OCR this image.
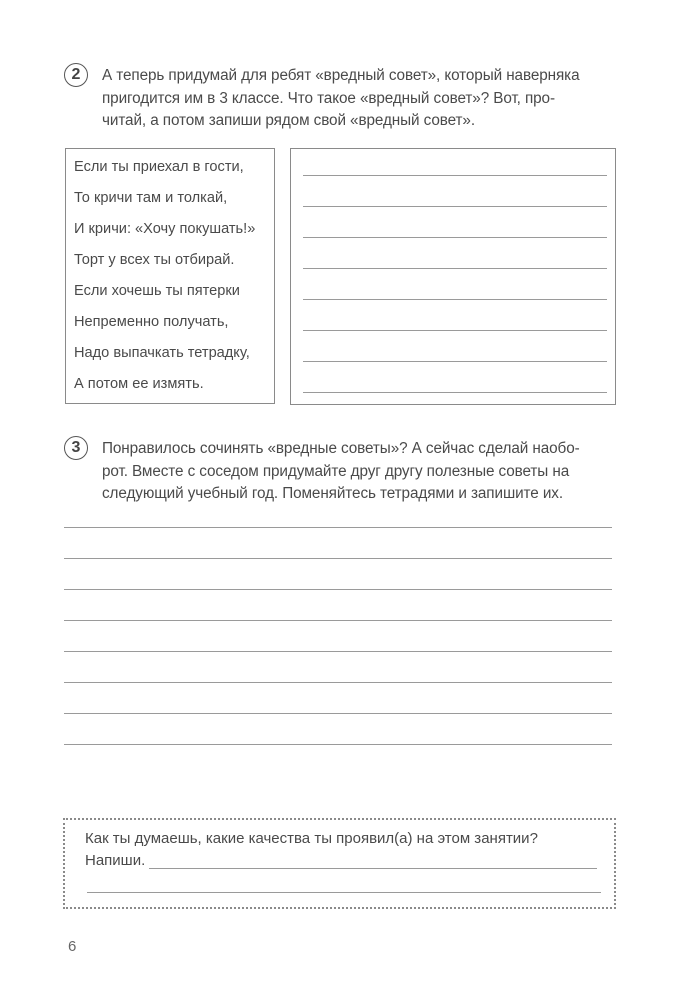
2	А теперь придумай для ребят «вредный совет», который наверняка
пригодится им в 3 классе. Что такое «вредный совет»? Вот, про-
читай, а потом запиши рядом свой «вредный совет».
Если ты приехал в гости,
То кричи там и толкай,
И кричи: «Хочу покушать!»
Торт у всех ты отбирай.
Если хочешь ты пятерки
Непременно получать,
Надо выпачкать тетрадку,
А потом ее измять.
3	Понравилось сочинять «вредные советы»? А сейчас сделай наобо-
рот. Вместе с соседом придумайте друг другу полезные советы на
следующий учебный год. Поменяйтесь тетрадями и запишите их.
Как ты думаешь, какие качества ты проявил(а) на этом занятии?
Напиши.
6
